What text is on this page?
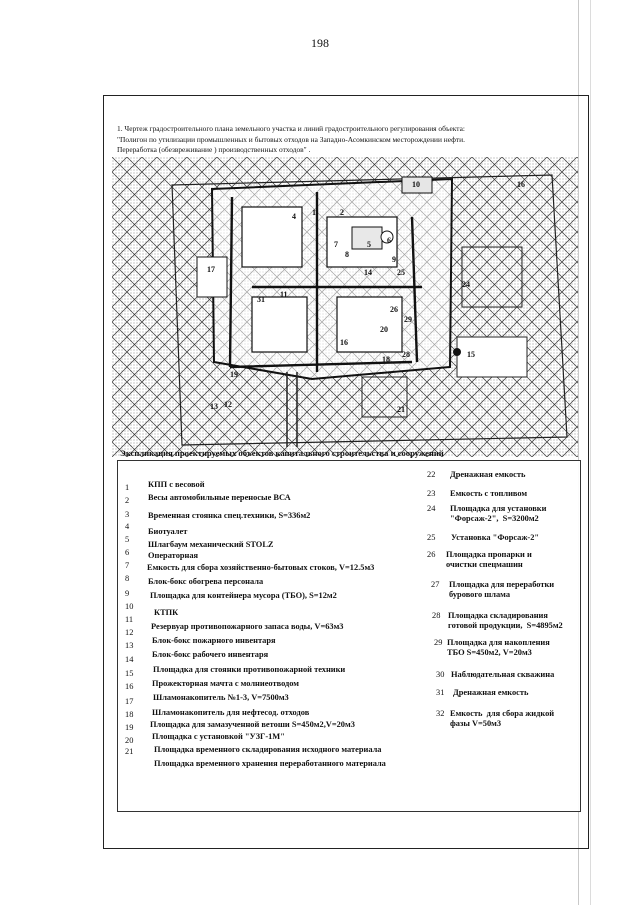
198
1. Чертеж градостроительного плана земельного участка и линий градостроительного регулирования объекта:
"Полигон по утилизации промышленных и бытовых отходов на Западно-Асомкинском месторождении нефти.
Переработка (обезвреживание ) производственных отходов" .
10	16
1	2
4
5 6
7
8
9
11
12
13
14
15
16
17
18
19
20
21
24
25
26
28
29
31
Экспликация проектируемых объектов капитального строительства и сооружений
1
2
3
4
5
6
7
8
9
10
11
12
13
14
15
16
17
18
19
20
21
КПП с весовой
Весы автомобильные переносые ВСА
Временная стоянка спец.техники, S=336м2
Биотуалет
Шлагбаум механический STOLZ
Операторная
Емкость для сбора хозяйственно-бытовых стоков, V=12.5м3
Блок-бокс обогрева персонала
Площадка для контейнера мусора (ТБО), S=12м2
КТПК
Резервуар противопожарного запаса воды, V=63м3
Блок-бокс пожарного инвентаря
Блок-бокс рабочего инвентаря
Площадка для стоянки противопожарной техники
Прожекторная мачта с молниеотводом
Шламонакопитель №1-3, V=7500м3
Шламонакопитель для нефтесод. отходов
Площадка для замазученной ветоши S=450м2,V=20м3
Площадка с установкой "УЗГ-1М"
Площадка временного складирования исходного материала
Площадка временного хранения переработанного материала
22 Дренажная емкость
23 Емкость с топливом
24 Площадка для установки
"Форсаж-2",  S=3200м2
25 Установка "Форсаж-2"
26 Площадка пропарки и
очистки спецмашин
27 Площадка для переработки
бурового шлама
28 Площадка складирования
готовой продукции,  S=4895м2
29 Площадка для накопления
ТБО S=450м2, V=20м3
30 Наблюдательная скважина
31 Дренажная емкость
32 Емкость  для сбора жидкой
фазы V=50м3
